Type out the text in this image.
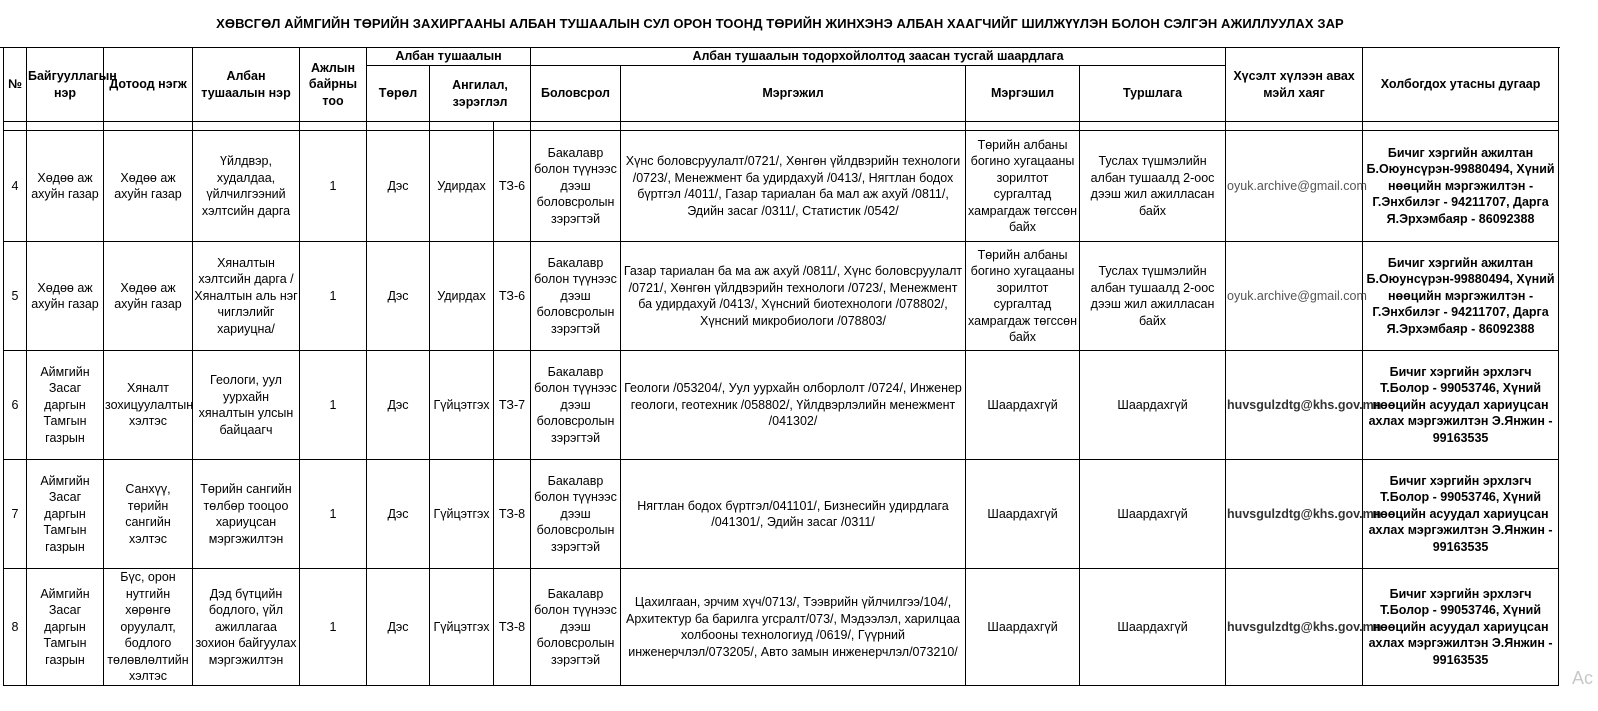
ХӨВСГӨЛ АЙМГИЙН ТӨРИЙН ЗАХИРГААНЫ АЛБАН ТУШААЛЫН СУЛ ОРОН ТООНД ТӨРИЙН ЖИНХЭНЭ АЛБАН ХААГЧИЙГ ШИЛЖҮҮЛЭН БОЛОН СЭЛГЭН АЖИЛЛУУЛАХ ЗАР
№	Байгууллагын нэр	Дотоод нэгж	Албан тушаалын нэр	Ажлын байрны тоо	Албан тушаалын			Албан тушаалын тодорхойлолтод заасан тусгай шаардлага				Хүсэлт хүлээн авах мэйл хаяг	Холбогдох утасны дугаар
					Төрөл	Ангилал, зэрэглэл		Боловсрол	Мэргэжил	Мэргэшил	Туршлага		

4	Хөдөө аж ахуйн газар	Хөдөө аж ахуйн газар	Үйлдвэр, худалдаа, үйлчилгээний хэлтсийн дарга	1	Дэс	Удирдах	ТЗ-6	Бакалавр болон түүнээс дээш боловсролын зэрэгтэй	Хүнс боловсруулалт/0721/, Хөнгөн үйлдвэрийн технологи /0723/, Менежмент ба удирдахуй /0413/, Нягтлан бодох бүртгэл /4011/, Газар тариалан ба мал аж ахуй /0811/, Эдийн засаг /0311/, Статистик /0542/	Төрийн албаны богино хугацааны зорилтот сургалтад хамрагдаж төгссөн байх	Туслах түшмэлийн албан тушаалд 2-оос дээш жил ажилласан байх	oyuk.archive@gmail.com	Бичиг хэргийн ажилтан Б.Оюунсүрэн-99880494, Хүний нөөцийн мэргэжилтэн - Г.Энхбилэг - 94211707, Дарга Я.Эрхэмбаяр - 86092388
5	Хөдөө аж ахуйн газар	Хөдөө аж ахуйн газар	Хяналтын хэлтсийн дарга /Хяналтын аль нэг чиглэлийг хариуцна/	1	Дэс	Удирдах	ТЗ-6	Бакалавр болон түүнээс дээш боловсролын зэрэгтэй	Газар тариалан ба ма аж ахуй /0811/, Хүнс боловсруулалт /0721/, Хөнгөн үйлдвэрийн технологи /0723/, Менежмент ба удирдахуй /0413/, Хүнсний биотехнологи /078802/, Хүнсний микробиологи /078803/	Төрийн албаны богино хугацааны зорилтот сургалтад хамрагдаж төгссөн байх	Туслах түшмэлийн албан тушаалд 2-оос дээш жил ажилласан байх	oyuk.archive@gmail.com	Бичиг хэргийн ажилтан Б.Оюунсүрэн-99880494, Хүний нөөцийн мэргэжилтэн - Г.Энхбилэг - 94211707, Дарга Я.Эрхэмбаяр - 86092388
6	Аймгийн Засаг даргын Тамгын газрын	Хяналт зохицуулалтын хэлтэс	Геологи, уул уурхайн хяналтын улсын байцаагч	1	Дэс	Гүйцэтгэх	ТЗ-7	Бакалавр болон түүнээс дээш боловсролын зэрэгтэй	Геологи /053204/, Уул уурхайн олборлолт /0724/, Инженер геологи, геотехник /058802/, Үйлдвэрлэлийн менежмент /041302/	Шаардахгүй	Шаардахгүй	huvsgulzdtg@khs.gov.mn	Бичиг хэргийн эрхлэгч Т.Болор - 99053746, Хүний нөөцийн асуудал хариуцсан ахлах мэргэжилтэн Э.Янжин - 99163535
7	Аймгийн Засаг даргын Тамгын газрын	Санхүү, төрийн сангийн хэлтэс	Төрийн сангийн төлбөр тооцоо хариуцсан мэргэжилтэн	1	Дэс	Гүйцэтгэх	ТЗ-8	Бакалавр болон түүнээс дээш боловсролын зэрэгтэй	Нягтлан бодох бүртгэл/041101/, Бизнесийн удирдлага /041301/, Эдийн засаг /0311/	Шаардахгүй	Шаардахгүй	huvsgulzdtg@khs.gov.mn	Бичиг хэргийн эрхлэгч Т.Болор - 99053746, Хүний нөөцийн асуудал хариуцсан ахлах мэргэжилтэн Э.Янжин - 99163535
8	Аймгийн Засаг даргын Тамгын газрын	Бүс, орон нутгийн хөрөнгө оруулалт, бодлого төлөвлөлтийн хэлтэс	Дэд бүтцийн бодлого, үйл ажиллагаа зохион байгуулах мэргэжилтэн	1	Дэс	Гүйцэтгэх	ТЗ-8	Бакалавр болон түүнээс дээш боловсролын зэрэгтэй	Цахилгаан, эрчим хүч/0713/, Тээврийн үйлчилгээ/104/, Архитектур ба барилга угсралт/073/, Мэдээлэл, харилцаа холбооны технологиуд /0619/, Гүүрний инженерчлэл/073205/, Авто замын инженерчлэл/073210/	Шаардахгүй	Шаардахгүй	huvsgulzdtg@khs.gov.mn	Бичиг хэргийн эрхлэгч Т.Болор - 99053746, Хүний нөөцийн асуудал хариуцсан ахлах мэргэжилтэн Э.Янжин - 99163535
Ac
